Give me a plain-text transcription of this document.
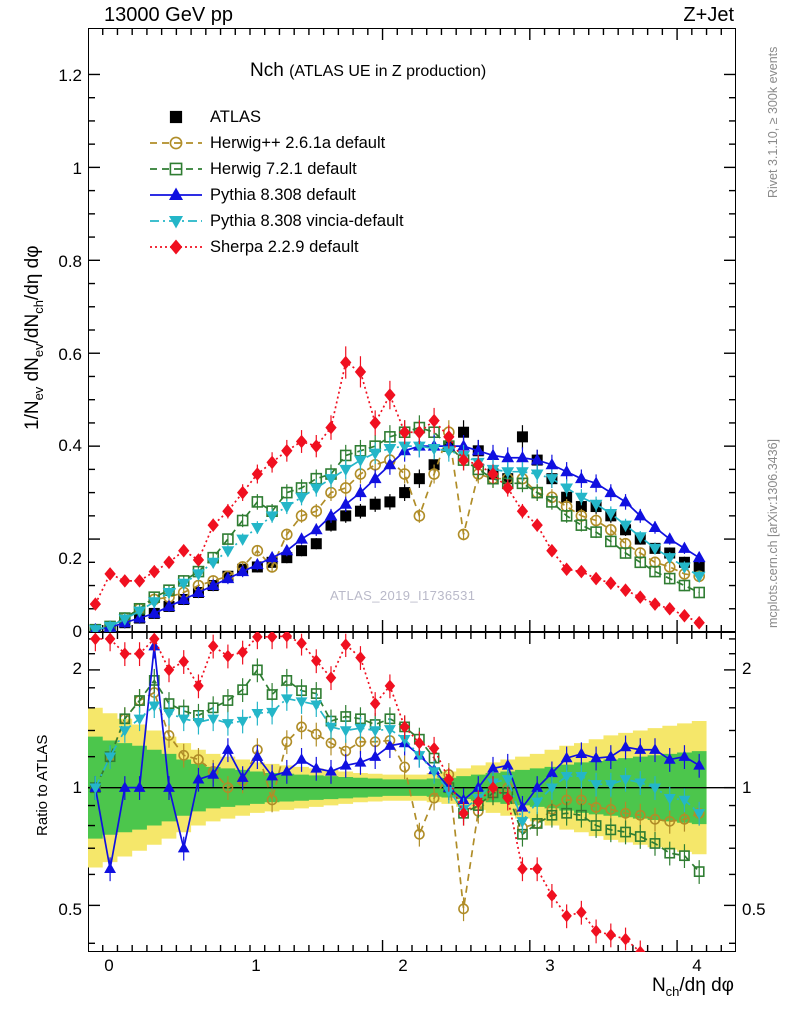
13000 GeV pp	Z+Jet
Rivet 3.1.10, ≥ 300k events
mcplots.cern.ch [arXiv:1306.3436]
$1/N_{ev}$ $dN_{ev}/dN_{ch}/d\eta$ dφ
Ratio to ATLAS
$N_{ch}/d\eta$ dφ
0
0.2
0.4
0.6
0.8
1
1.2	Nch (ATLAS UE in Z production)
ATLAS_2019_I1736531
ATLAS
Herwig++ 2.6.1a default
Herwig 7.2.1 default
Pythia 8.308 default
Pythia 8.308 vincia-default
Sherpa 2.2.9 default
0.5
1
2
0.5
1
2
0	1	2	3	4
